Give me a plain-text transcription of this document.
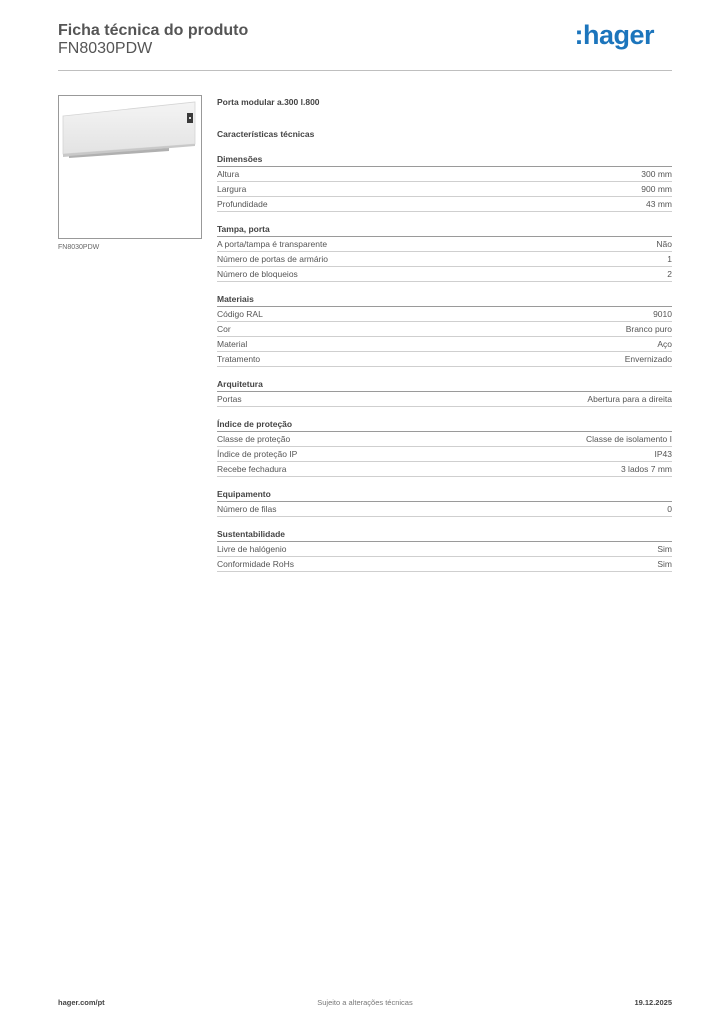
Ficha técnica do produto
FN8030PDW	:hager
FN8030PDW
Porta modular a.300 l.800
Características técnicas
Dimensões
Altura	300 mm
Largura	900 mm
Profundidade	43 mm
Tampa, porta
A porta/tampa é transparente	Não
Número de portas de armário	1
Número de bloqueios	2
Materiais
Código RAL	9010
Cor	Branco puro
Material	Aço
Tratamento	Envernizado
Arquitetura
Portas	Abertura para a direita
Índice de proteção
Classe de proteção	Classe de isolamento I
Índice de proteção IP	IP43
Recebe fechadura	3 lados 7 mm
Equipamento
Número de filas	0
Sustentabilidade
Livre de halógenio	Sim
Conformidade RoHs	Sim
hager.com/pt	Sujeito a alterações técnicas	19.12.2025
